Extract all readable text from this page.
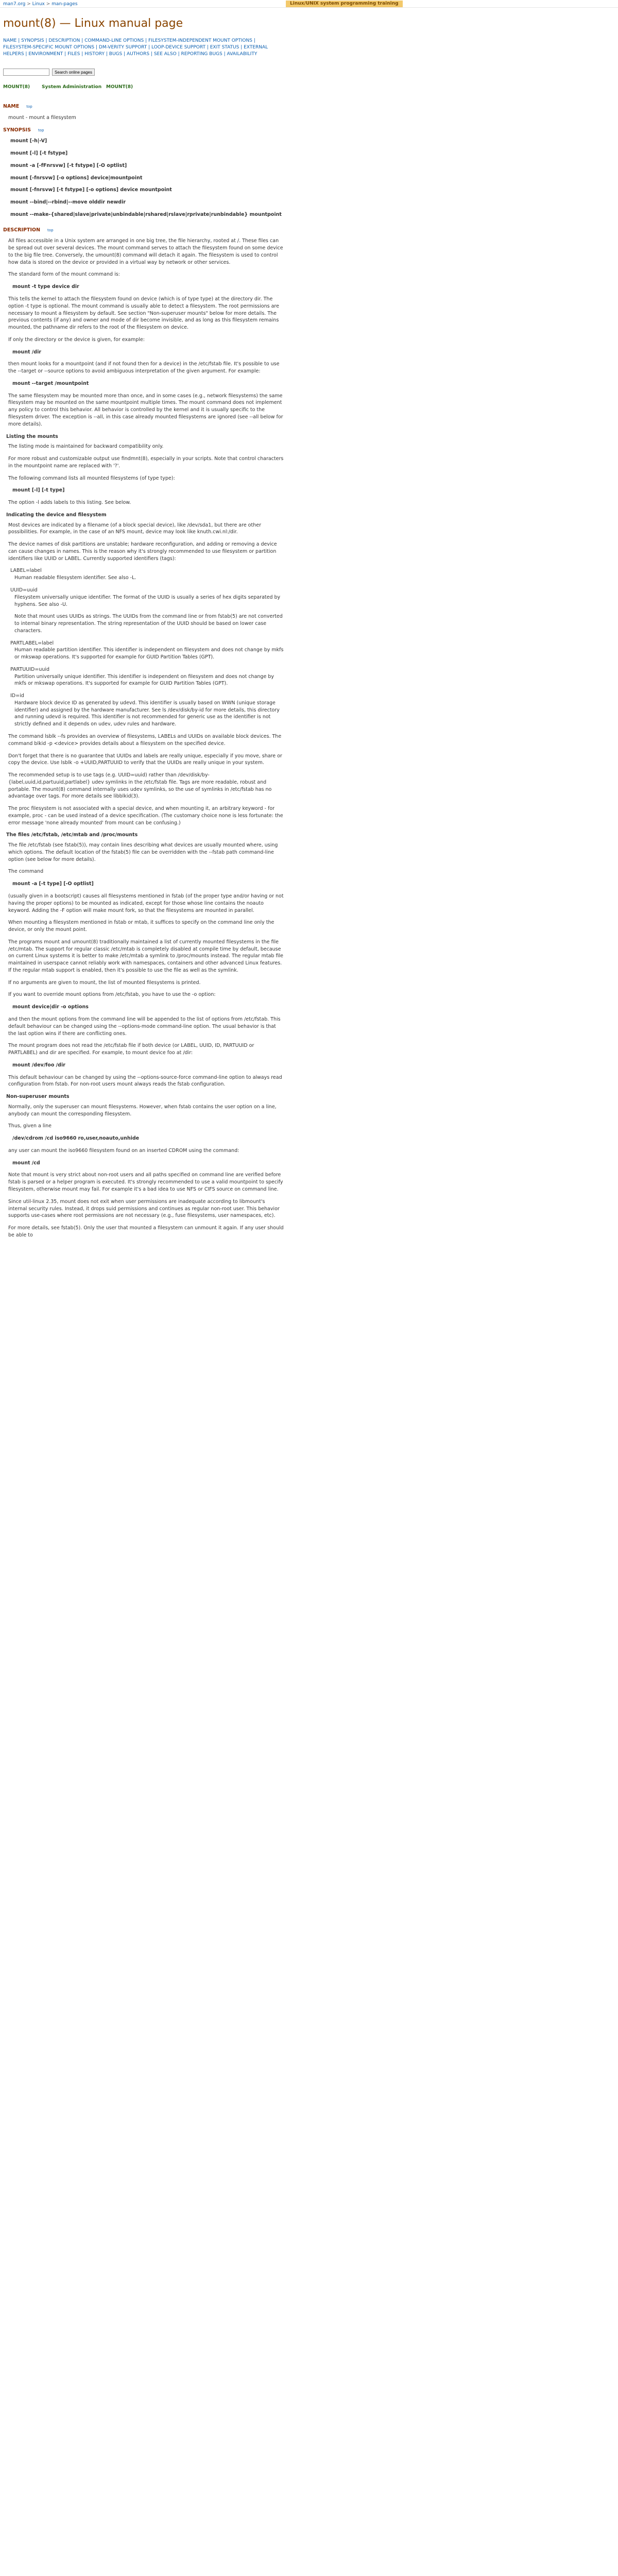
man7.org > Linux > man-pages	Linux/UNIX system programming training
mount(8) — Linux manual page
NAME | SYNOPSIS | DESCRIPTION | COMMAND-LINE OPTIONS | FILESYSTEM-INDEPENDENT MOUNT OPTIONS | FILESYSTEM-SPECIFIC MOUNT OPTIONS | DM-VERITY SUPPORT | LOOP-DEVICE SUPPORT | EXIT STATUS | EXTERNAL HELPERS | ENVIRONMENT | FILES | HISTORY | BUGS | AUTHORS | SEE ALSO | REPORTING BUGS | AVAILABILITY
Search online pages
MOUNT(8)	System Administration MOUNT(8)
NAME top

mount - mount a filesystem

SYNOPSIS top

mount [-h|-V]

mount [-l] [-t fstype]

mount -a [-fFnrsvw] [-t fstype] [-O optlist]

mount [-fnrsvw] [-o options] device|mountpoint

mount [-fnrsvw] [-t fstype] [-o options] device mountpoint

mount --bind|--rbind|--move olddir newdir

mount --make-{shared|slave|private|unbindable|rshared|rslave|rprivate|runbindable} mountpoint

DESCRIPTION top

All files accessible in a Unix system are arranged in one big tree, the file hierarchy, rooted at /. These files can be spread out over several devices. The mount command serves to attach the filesystem found on some device to the big file tree. Conversely, the umount(8) command will detach it again. The filesystem is used to control how data is stored on the device or provided in a virtual way by network or other services.

The standard form of the mount command is:

mount -t type device dir

This tells the kernel to attach the filesystem found on device (which is of type type) at the directory dir. The option -t type is optional. The mount command is usually able to detect a filesystem. The root permissions are necessary to mount a filesystem by default. See section "Non-superuser mounts" below for more details. The previous contents (if any) and owner and mode of dir become invisible, and as long as this filesystem remains mounted, the pathname dir refers to the root of the filesystem on device.

If only the directory or the device is given, for example:

mount /dir

then mount looks for a mountpoint (and if not found then for a device) in the /etc/fstab file. It's possible to use the --target or --source options to avoid ambiguous interpretation of the given argument. For example:

mount --target /mountpoint

The same filesystem may be mounted more than once, and in some cases (e.g., network filesystems) the same filesystem may be mounted on the same mountpoint multiple times. The mount command does not implement any policy to control this behavior. All behavior is controlled by the kernel and it is usually specific to the filesystem driver. The exception is --all, in this case already mounted filesystems are ignored (see --all below for more details).

Listing the mounts

The listing mode is maintained for backward compatibility only.

For more robust and customizable output use findmnt(8), especially in your scripts. Note that control characters in the mountpoint name are replaced with '?'.

The following command lists all mounted filesystems (of type type):

mount [-l] [-t type]

The option -l adds labels to this listing. See below.

Indicating the device and filesystem

Most devices are indicated by a filename (of a block special device), like /dev/sda1, but there are other possibilities. For example, in the case of an NFS mount, device may look like knuth.cwi.nl:/dir.

The device names of disk partitions are unstable; hardware reconfiguration, and adding or removing a device can cause changes in names. This is the reason why it's strongly recommended to use filesystem or partition identifiers like UUID or LABEL. Currently supported identifiers (tags):

LABEL=label

Human readable filesystem identifier. See also -L.

UUID=uuid

Filesystem universally unique identifier. The format of the UUID is usually a series of hex digits separated by hyphens. See also -U.

Note that mount uses UUIDs as strings. The UUIDs from the command line or from fstab(5) are not converted to internal binary representation. The string representation of the UUID should be based on lower case characters.

PARTLABEL=label

Human readable partition identifier. This identifier is independent on filesystem and does not change by mkfs or mkswap operations. It's supported for example for GUID Partition Tables (GPT).

PARTUUID=uuid

Partition universally unique identifier. This identifier is independent on filesystem and does not change by mkfs or mkswap operations. It's supported for example for GUID Partition Tables (GPT).

ID=id

Hardware block device ID as generated by udevd. This identifier is usually based on WWN (unique storage identifier) and assigned by the hardware manufacturer. See ls /dev/disk/by-id for more details, this directory and running udevd is required. This identifier is not recommended for generic use as the identifier is not strictly defined and it depends on udev, udev rules and hardware.

The command lsblk --fs provides an overview of filesystems, LABELs and UUIDs on available block devices. The command blkid -p <device> provides details about a filesystem on the specified device.

Don't forget that there is no guarantee that UUIDs and labels are really unique, especially if you move, share or copy the device. Use lsblk -o +UUID,PARTUUID to verify that the UUIDs are really unique in your system.

The recommended setup is to use tags (e.g. UUID=uuid) rather than /dev/disk/by-{label,uuid,id,partuuid,partlabel} udev symlinks in the /etc/fstab file. Tags are more readable, robust and portable. The mount(8) command internally uses udev symlinks, so the use of symlinks in /etc/fstab has no advantage over tags. For more details see libblkid(3).

The proc filesystem is not associated with a special device, and when mounting it, an arbitrary keyword - for example, proc - can be used instead of a device specification. (The customary choice none is less fortunate: the error message 'none already mounted' from mount can be confusing.)

The files /etc/fstab, /etc/mtab and /proc/mounts

The file /etc/fstab (see fstab(5)), may contain lines describing what devices are usually mounted where, using which options. The default location of the fstab(5) file can be overridden with the --fstab path command-line option (see below for more details).

The command

mount -a [-t type] [-O optlist]

(usually given in a bootscript) causes all filesystems mentioned in fstab (of the proper type and/or having or not having the proper options) to be mounted as indicated, except for those whose line contains the noauto keyword. Adding the -F option will make mount fork, so that the filesystems are mounted in parallel.

When mounting a filesystem mentioned in fstab or mtab, it suffices to specify on the command line only the device, or only the mount point.

The programs mount and umount(8) traditionally maintained a list of currently mounted filesystems in the file /etc/mtab. The support for regular classic /etc/mtab is completely disabled at compile time by default, because on current Linux systems it is better to make /etc/mtab a symlink to /proc/mounts instead. The regular mtab file maintained in userspace cannot reliably work with namespaces, containers and other advanced Linux features. If the regular mtab support is enabled, then it's possible to use the file as well as the symlink.

If no arguments are given to mount, the list of mounted filesystems is printed.

If you want to override mount options from /etc/fstab, you have to use the -o option:

mount device|dir -o options

and then the mount options from the command line will be appended to the list of options from /etc/fstab. This default behaviour can be changed using the --options-mode command-line option. The usual behavior is that the last option wins if there are conflicting ones.

The mount program does not read the /etc/fstab file if both device (or LABEL, UUID, ID, PARTUUID or PARTLABEL) and dir are specified. For example, to mount device foo at /dir:

mount /dev/foo /dir

This default behaviour can be changed by using the --options-source-force command-line option to always read configuration from fstab. For non-root users mount always reads the fstab configuration.

Non-superuser mounts

Normally, only the superuser can mount filesystems. However, when fstab contains the user option on a line, anybody can mount the corresponding filesystem.

Thus, given a line

/dev/cdrom /cd iso9660 ro,user,noauto,unhide

any user can mount the iso9660 filesystem found on an inserted CDROM using the command:

mount /cd

Note that mount is very strict about non-root users and all paths specified on command line are verified before fstab is parsed or a helper program is executed. It's strongly recommended to use a valid mountpoint to specify filesystem, otherwise mount may fail. For example it's a bad idea to use NFS or CIFS source on command line.

Since util-linux 2.35, mount does not exit when user permissions are inadequate according to libmount's internal security rules. Instead, it drops suid permissions and continues as regular non-root user. This behavior supports use-cases where root permissions are not necessary (e.g., fuse filesystems, user namespaces, etc).

For more details, see fstab(5). Only the user that mounted a filesystem can unmount it again. If any user should be able to
